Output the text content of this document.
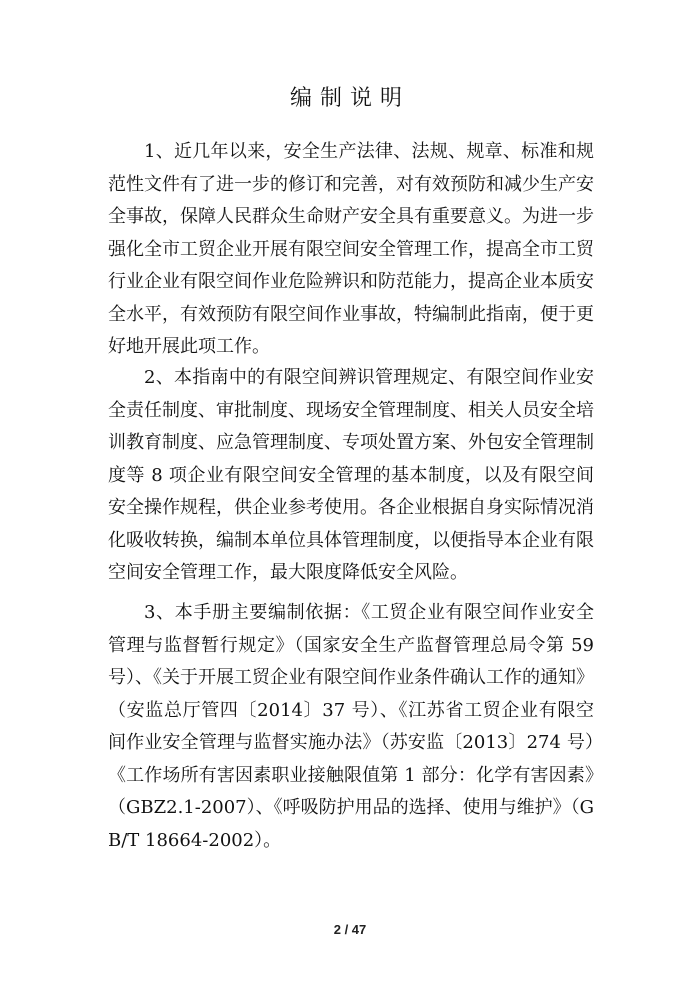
编制说明

1、近几年以来，安全生产法律、法规、规章、标准和规范性文件有了进一步的修订和完善，对有效预防和减少生产安全事故，保障人民群众生命财产安全具有重要意义。为进一步强化全市工贸企业开展有限空间安全管理工作，提高全市工贸行业企业有限空间作业危险辨识和防范能力，提高企业本质安全水平，有效预防有限空间作业事故，特编制此指南，便于更好地开展此项工作。

2、本指南中的有限空间辨识管理规定、有限空间作业安全责任制度、审批制度、现场安全管理制度、相关人员安全培训教育制度、应急管理制度、专项处置方案、外包安全管理制度等 8 项企业有限空间安全管理的基本制度，以及有限空间安全操作规程，供企业参考使用。各企业根据自身实际情况消化吸收转换，编制本单位具体管理制度，以便指导本企业有限空间安全管理工作，最大限度降低安全风险。

3、本手册主要编制依据：《工贸企业有限空间作业安全管理与监督暂行规定》（国家安全生产监督管理总局令第 59 号）、《关于开展工贸企业有限空间作业条件确认工作的通知》（安监总厅管四〔2014〕37 号）、《江苏省工贸企业有限空间作业安全管理与监督实施办法》（苏安监〔2013〕274 号）《工作场所有害因素职业接触限值第 1 部分：化学有害因素》（GBZ2.1-2007）、《呼吸防护用品的选择、使用与维护》（GB/T 18664-2002）。

2 / 47
